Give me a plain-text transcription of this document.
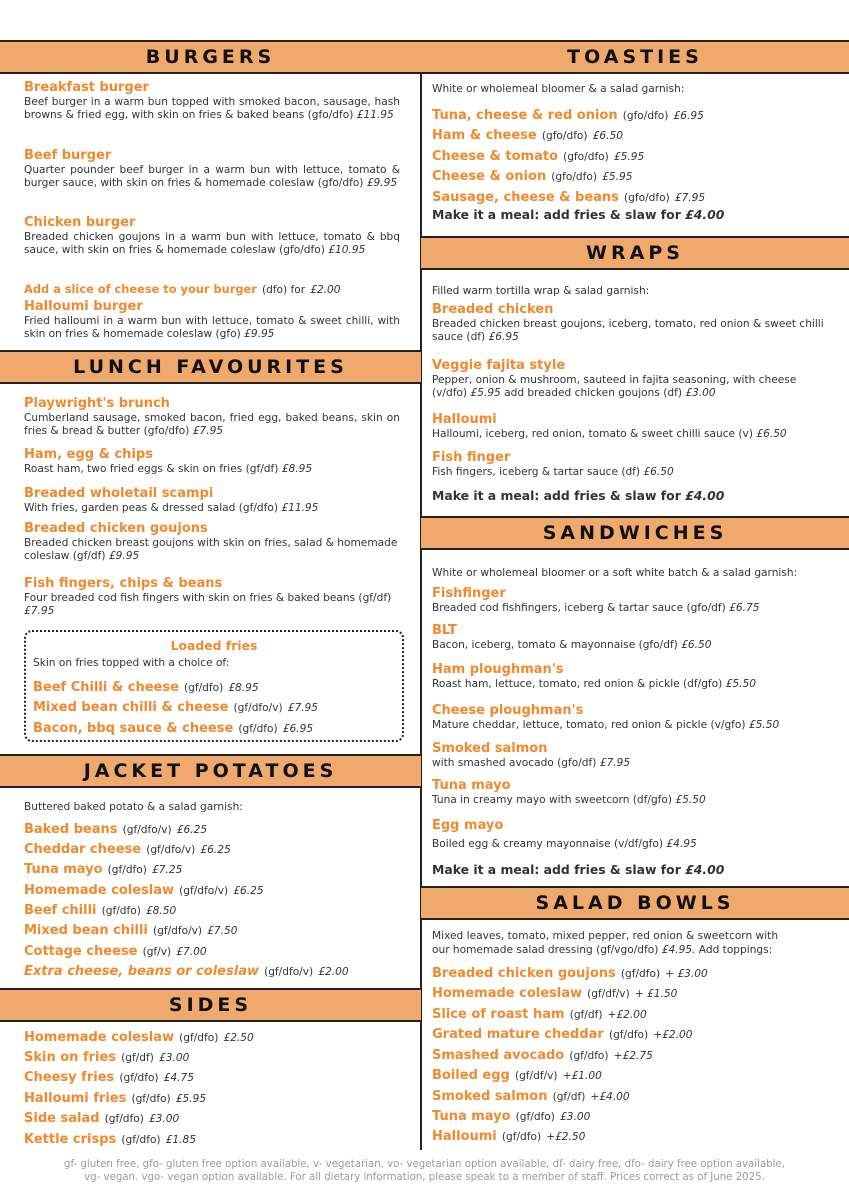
BURGERS
Breakfast burger
Beef burger in a warm bun topped with smoked bacon, sausage, hash browns & fried egg, with skin on fries & baked beans (gfo/dfo) £11.95
Beef burger
Quarter pounder beef burger in a warm bun with lettuce, tomato & burger sauce, with skin on fries & homemade coleslaw (gfo/dfo) £9.95
Chicken burger
Breaded chicken goujons in a warm bun with lettuce, tomato & bbq sauce, with skin on fries & homemade coleslaw (gfo/dfo) £10.95
Add a slice of cheese to your burger (dfo) for £2.00
Halloumi burger
Fried halloumi in a warm bun with lettuce, tomato & sweet chilli, with skin on fries & homemade coleslaw (gfo) £9.95
LUNCH FAVOURITES
Playwright's brunch
Cumberland sausage, smoked bacon, fried egg, baked beans, skin on fries & bread & butter (gfo/dfo) £7.95
Ham, egg & chips
Roast ham, two fried eggs & skin on fries (gf/df) £8.95
Breaded wholetail scampi
With fries, garden peas & dressed salad (gf/dfo) £11.95
Breaded chicken goujons
Breaded chicken breast goujons with skin on fries, salad & homemade coleslaw (gf/df) £9.95
Fish fingers, chips & beans
Four breaded cod fish fingers with skin on fries & baked beans (gf/df) £7.95
Loaded fries
Skin on fries topped with a choice of:
Beef Chilli & cheese (gf/dfo) £8.95
Mixed bean chilli & cheese (gf/dfo/v) £7.95
Bacon, bbq sauce & cheese (gf/dfo) £6.95
JACKET POTATOES
Buttered baked potato & a salad garnish:
Baked beans (gf/dfo/v) £6.25
Cheddar cheese (gf/dfo/v) £6.25
Tuna mayo (gf/dfo) £7.25
Homemade coleslaw (gf/dfo/v) £6.25
Beef chilli (gf/dfo) £8.50
Mixed bean chilli (gf/dfo/v) £7.50
Cottage cheese (gf/v) £7.00
Extra cheese, beans or coleslaw (gf/dfo/v) £2.00
SIDES
Homemade coleslaw (gf/dfo) £2.50
Skin on fries (gf/df) £3.00
Cheesy fries (gf/dfo) £4.75
Halloumi fries (gf/dfo) £5.95
Side salad (gf/dfo) £3.00
Kettle crisps (gf/dfo) £1.85
TOASTIES
White or wholemeal bloomer & a salad garnish:
Tuna, cheese & red onion (gfo/dfo) £6.95
Ham & cheese (gfo/dfo) £6.50
Cheese & tomato (gfo/dfo) £5.95
Cheese & onion (gfo/dfo) £5.95
Sausage, cheese & beans (gfo/dfo) £7.95
Make it a meal: add fries & slaw for £4.00
WRAPS
Filled warm tortilla wrap & salad garnish:
Breaded chicken
Breaded chicken breast goujons, iceberg, tomato, red onion & sweet chilli sauce (df) £6.95
Veggie fajita style
Pepper, onion & mushroom, sauteed in fajita seasoning, with cheese (v/dfo) £5.95 add breaded chicken goujons (df) £3.00
Halloumi
Halloumi, iceberg, red onion, tomato & sweet chilli sauce (v) £6.50
Fish finger
Fish fingers, iceberg & tartar sauce (df) £6.50
Make it a meal: add fries & slaw for £4.00
SANDWICHES
White or wholemeal bloomer or a soft white batch & a salad garnish:
Fishfinger
Breaded cod fishfingers, iceberg & tartar sauce (gfo/df) £6.75
BLT
Bacon, iceberg, tomato & mayonnaise (gfo/df) £6.50
Ham ploughman's
Roast ham, lettuce, tomato, red onion & pickle (df/gfo) £5.50
Cheese ploughman's
Mature cheddar, lettuce, tomato, red onion & pickle (v/gfo) £5.50
Smoked salmon
with smashed avocado (gfo/df) £7.95
Tuna mayo
Tuna in creamy mayo with sweetcorn (df/gfo) £5.50
Egg mayo
Boiled egg & creamy mayonnaise (v/df/gfo) £4.95
Make it a meal: add fries & slaw for £4.00
SALAD BOWLS
Mixed leaves, tomato, mixed pepper, red onion & sweetcorn with
our homemade salad dressing (gf/vgo/dfo) £4.95. Add toppings:
Breaded chicken goujons (gf/dfo) + £3.00
Homemade coleslaw (gf/df/v) + £1.50
Slice of roast ham (gf/df) +£2.00
Grated mature cheddar (gf/dfo) +£2.00
Smashed avocado (gf/dfo) +£2.75
Boiled egg (gf/df/v) +£1.00
Smoked salmon (gf/df) +£4.00
Tuna mayo (gf/dfo) £3.00
Halloumi (gf/dfo) +£2.50
gf- gluten free, gfo- gluten free option available, v- vegetarian, vo- vegetarian option available, df- dairy free, dfo- dairy free option available,
vg- vegan. vgo- vegan option available. For all dietary information, please speak to a member of staff. Prices correct as of June 2025.
